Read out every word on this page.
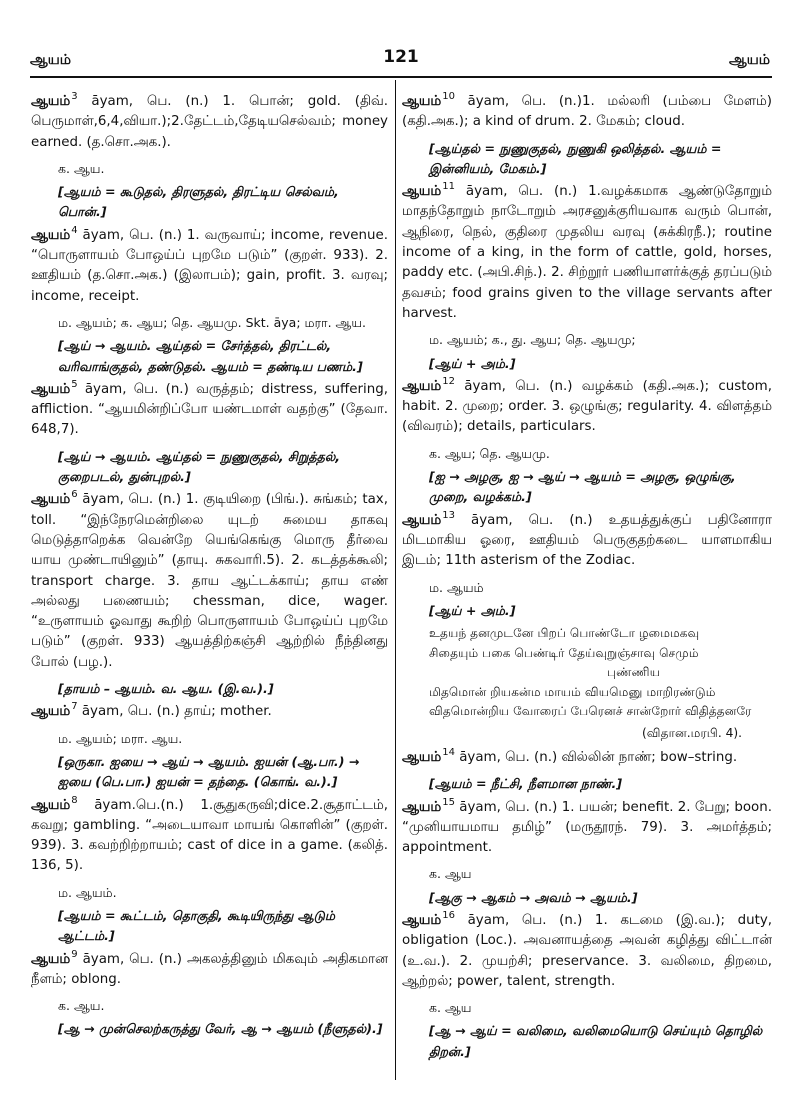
ஆயம்	121	ஆயம்
ஆயம்$^3$ āyam, பெ. (n.) 1. பொன்; gold. (திவ். பெருமாள்,6,4,வியா.);2.தேட்டம்,தேடியசெல்வம்; money earned. (த.சொ.அக.).
க. ஆய.
[ஆயம் = கூடுதல், திரளுதல், திரட்டிய செல்வம், பொன்.]
ஆயம்$^4$ āyam, பெ. (n.) 1. வருவாய்; income, revenue. “பொருளாயம் போஒய்ப் புறமே படும்” (குறள். 933). 2. ஊதியம் (த.சொ.அக.) (இலாபம்); gain, profit. 3. வரவு; income, receipt.
ம. ஆயம்; க. ஆய; தெ. ஆயமு. Skt. āya; மரா. ஆய.
[ஆய் → ஆயம். ஆய்தல் = சேர்த்தல், திரட்டல், வரிவாங்குதல், தண்டுதல். ஆயம் = தண்டிய பணம்.]
ஆயம்$^5$ āyam, பெ. (n.) வருத்தம்; distress, suffering, affliction. “ஆயமின்றிப்போ யண்டமாள் வதற்கு” (தேவா. 648,7).
[ஆய் → ஆயம். ஆய்தல் = நுணுகுதல், சிறுத்தல், குறைபடல், துன்புறல்.]
ஆயம்$^6$ āyam, பெ. (n.) 1. குடியிறை (பிங்.). சுங்கம்; tax, toll. “இந்நேரமென்றிலை யுடற் சுமைய தாகவு மெடுத்தாறெக்க வென்றே யெங்கெங்கு மொரு தீர்வை யாய முண்டாயினும்” (தாயு. சுகவாரி.5). 2. கடத்தக்கூலி; transport charge. 3. தாய ஆட்டக்காய்; தாய எண் அல்லது பணையம்; chessman, dice, wager. “உருளாயம் ஓவாது கூறிற் பொருளாயம் போஒய்ப் புறமே படும்” (குறள். 933) ஆயத்திற்கஞ்சி ஆற்றில் நீந்தினது போல் (பழ.).
[தாயம் – ஆயம். வ. ஆய. (இ.வ.).]
ஆயம்$^7$ āyam, பெ. (n.) தாய்; mother.
ம. ஆயம்; மரா. ஆய.
[ஒருகா. ஐயை → ஆய் → ஆயம். ஐயன் (ஆ.பா.) → ஐயை (பெ.பா.) ஐயன் = தந்தை. (கொங். வ.).]
ஆயம்$^8$ āyam.பெ.(n.) 1.சூதுகருவி;dice.2.சூதாட்டம், கவறு; gambling. “அடையாவா மாயங் கொளின்” (குறள். 939). 3. கவற்றிற்றாயம்; cast of dice in a game. (கலித். 136, 5).
ம. ஆயம்.
[ஆயம் = கூட்டம், தொகுதி, கூடியிருந்து ஆடும் ஆட்டம்.]
ஆயம்$^9$ āyam, பெ. (n.) அகலத்தினும் மிகவும் அதிகமான நீளம்; oblong.
க. ஆய.
[ஆ → முன்செலற்கருத்து வேர், ஆ → ஆயம் (நீளுதல்).]
ஆயம்$^{10}$ āyam, பெ. (n.)1. மல்லரி (பம்பை மேளம்) (கதி.அக.); a kind of drum. 2. மேகம்; cloud.
[ஆய்தல் = நுணுகுதல், நுணுகி ஒலித்தல். ஆயம் = இன்னியம், மேகம்.]
ஆயம்$^{11}$ āyam, பெ. (n.) 1.வழக்கமாக ஆண்டுதோறும் மாதந்தோறும் நாடோறும் அரசனுக்குரியவாக வரும் பொன், ஆநிரை, நெல், குதிரை முதலிய வரவு (சுக்கிரநீ.); routine income of a king, in the form of cattle, gold, horses, paddy etc. (அபி.சிந்.). 2. சிற்றூர் பணியாளர்க்குத் தரப்படும் தவசம்; food grains given to the village servants after harvest.
ம. ஆயம்; க., து. ஆய; தெ. ஆயமு;
[ஆய் + அம்.]
ஆயம்$^{12}$ āyam, பெ. (n.) வழக்கம் (கதி.அக.); custom, habit. 2. முறை; order. 3. ஒழுங்கு; regularity. 4. விளத்தம் (விவரம்); details, particulars.
க. ஆய; தெ. ஆயமு.
[ஐ → அழகு, ஐ → ஆய் → ஆயம் = அழகு, ஒழுங்கு, முறை, வழக்கம்.]
ஆயம்$^{13}$ āyam, பெ. (n.) உதயத்துக்குப் பதினோரா மிடமாகிய ஓரை, ஊதியம் பெருகுதற்கடை யாளமாகிய இடம்; 11th asterism of the Zodiac.
ம. ஆயம்
[ஆய் + அம்.]
உதயந் தனமுடனே பிறப் பொண்டோ ழமைமகவு
சிதையும் பகை பெண்டிர் தேய்வுறுஞ்சாவு செமும்
புண்ணிய
மிதமொன் றியகன்ம மாயம் வியமெனு மாறிரண்டும்
விதமொன்றிய வோரைப் பேரெனச் சான்றோர் விதித்தனரே
(விதான.மரபி. 4).
ஆயம்$^{14}$ āyam, பெ. (n.) வில்லின் நாண்; bow–string.
[ஆயம் = நீட்சி, நீளமான நாண்.]
ஆயம்$^{15}$ āyam, பெ. (n.) 1. பயன்; benefit. 2. பேறு; boon. “முனியாயமாய தமிழ்” (மருதூரந். 79). 3. அமர்த்தம்; appointment.
க. ஆய
[ஆகு → ஆகம் → அவம் → ஆயம்.]
ஆயம்$^{16}$ āyam, பெ. (n.) 1. கடமை (இ.வ.); duty, obligation (Loc.). அவனாயத்தை அவன் கழித்து விட்டான் (உ.வ.). 2. முயற்சி; preservance. 3. வலிமை, திறமை, ஆற்றல்; power, talent, strength.
க. ஆய
[ஆ → ஆய் = வலிமை, வலிமையொடு செய்யும் தொழில் திறன்.]
